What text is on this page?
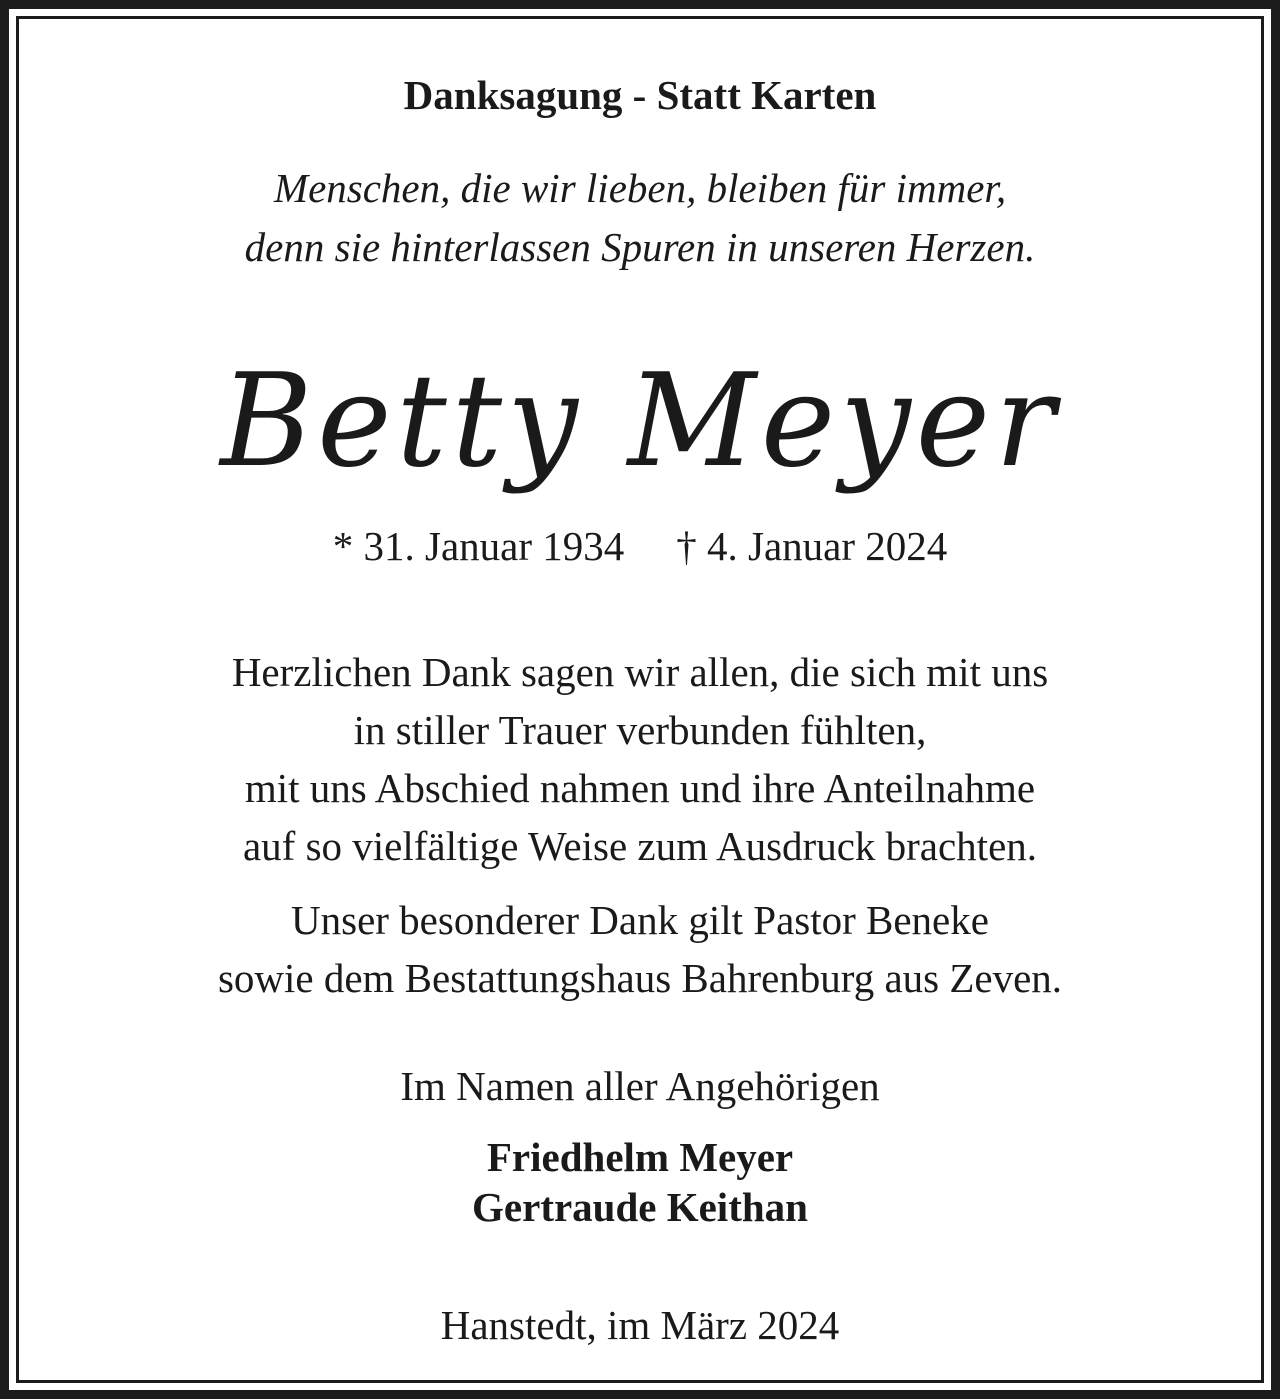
Danksagung - Statt Karten
Menschen, die wir lieben, bleiben für immer,
denn sie hinterlassen Spuren in unseren Herzen.
Betty Meyer
* 31. Januar 1934 † 4. Januar 2024
Herzlichen Dank sagen wir allen, die sich mit uns
in stiller Trauer verbunden fühlten,
mit uns Abschied nahmen und ihre Anteilnahme
auf so vielfältige Weise zum Ausdruck brachten.
Unser besonderer Dank gilt Pastor Beneke
sowie dem Bestattungshaus Bahrenburg aus Zeven.
Im Namen aller Angehörigen
Friedhelm Meyer
Gertraude Keithan
Hanstedt, im März 2024
